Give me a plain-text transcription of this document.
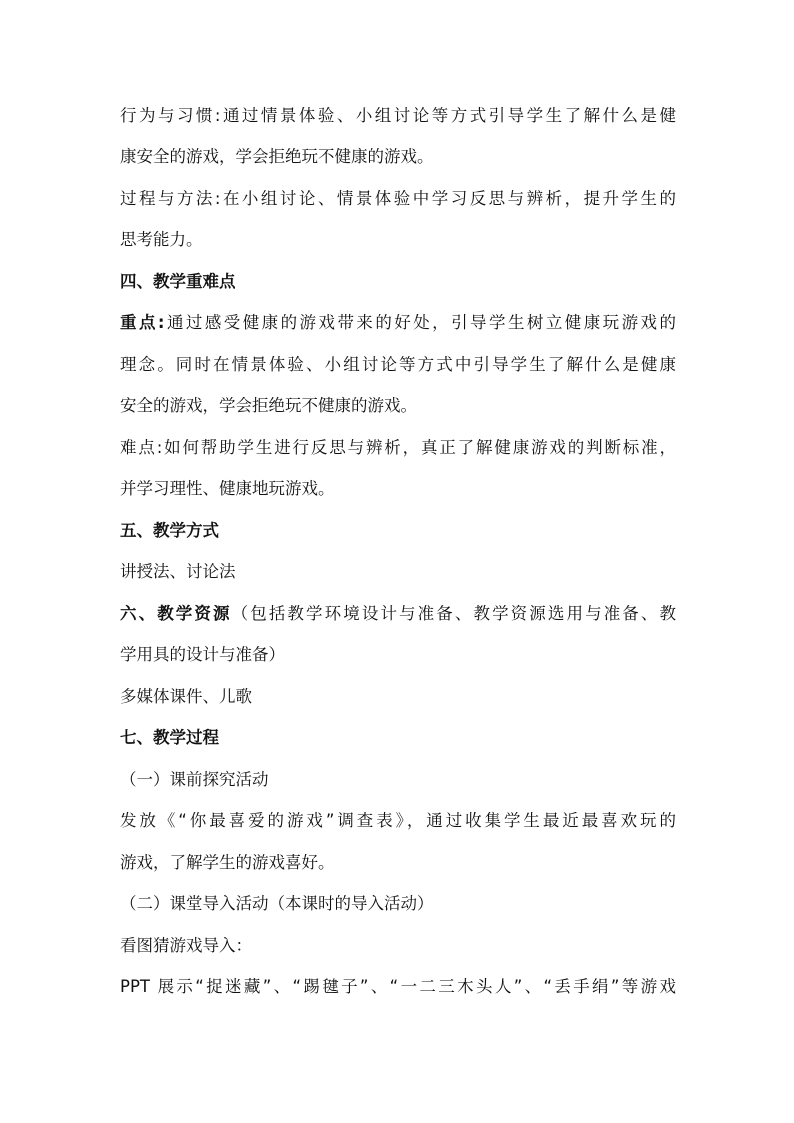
行为与习惯:通过情景体验、小组讨论等方式引导学生了解什么是健
康安全的游戏，学会拒绝玩不健康的游戏。
过程与方法:在小组讨论、情景体验中学习反思与辨析，提升学生的
思考能力。
四、教学重难点
重点:通过感受健康的游戏带来的好处，引导学生树立健康玩游戏的
理念。同时在情景体验、小组讨论等方式中引导学生了解什么是健康
安全的游戏，学会拒绝玩不健康的游戏。
难点:如何帮助学生进行反思与辨析，真正了解健康游戏的判断标准，
并学习理性、健康地玩游戏。
五、教学方式
讲授法、讨论法
六、教学资源（包括教学环境设计与准备、教学资源选用与准备、教
学用具的设计与准备）
多媒体课件、儿歌
七、教学过程
（一）课前探究活动
发放《“你最喜爱的游戏”调查表》，通过收集学生最近最喜欢玩的
游戏，了解学生的游戏喜好。
（二）课堂导入活动（本课时的导入活动）
看图猜游戏导入：
PPT 展示“捉迷藏”、“踢毽子”、“一二三木头人”、“丢手绢”等游戏
